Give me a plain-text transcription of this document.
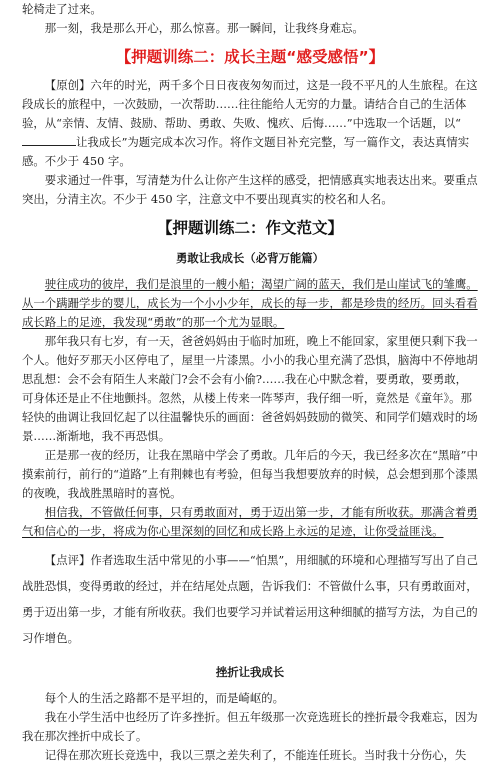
轮椅走了过来。

那一刻，我是那么开心，那么惊喜。那一瞬间，让我终身难忘。

【押题训练二：成长主题“感受感悟”】

【原创】六年的时光，两千多个日日夜夜匆匆而过，这是一段不平凡的人生旅程。在这段成长的旅程中，一次鼓励，一次帮助……往往能给人无穷的力量。请结合自己的生活体验，从“亲情、友情、鼓励、帮助、勇敢、失败、愧疚、后悔……”中选取一个话题，以“让我成长”为题完成本次习作。将作文题目补充完整，写一篇作文，表达真情实感。不少于 450 字。

要求通过一件事，写清楚为什么让你产生这样的感受，把情感真实地表达出来。要重点突出，分清主次。不少于 450 字，注意文中不要出现真实的校名和人名。

【押题训练二：作文范文】

勇敢让我成长（必背万能篇）

驶往成功的彼岸，我们是浪里的一艘小船；渴望广阔的蓝天，我们是山崖试飞的雏鹰。从一个蹒跚学步的婴儿，成长为一个小小少年，成长的每一步，都是珍贵的经历。回头看看成长路上的足迹，我发现“勇敢”的那一个尤为显眼。

那年我只有七岁，有一天，爸爸妈妈由于临时加班，晚上不能回家，家里便只剩下我一个人。他好歹那天小区停电了，屋里一片漆黑。小小的我心里充满了恐惧，脑海中不停地胡思乱想：会不会有陌生人来敲门?会不会有小偷?……我在心中默念着，要勇敢，要勇敢，可身体还是止不住地颤抖。忽然，从楼上传来一阵琴声，我仔细一听，竟然是《童年》。那轻快的曲调让我回忆起了以往温馨快乐的画面：爸爸妈妈鼓励的微笑、和同学们嬉戏时的场景……渐渐地，我不再恐惧。

正是那一夜的经历，让我在黑暗中学会了勇敢。几年后的今天，我已经多次在“黑暗”中摸索前行，前行的“道路”上有荆棘也有考验，但每当我想要放弃的时候，总会想到那个漆黑的夜晚，我战胜黑暗时的喜悦。

相信我，不管做任何事，只有勇敢面对，勇于迈出第一步，才能有所收获。那满含着勇气和信心的一步，将成为你心里深刻的回忆和成长路上永远的足迹，让你受益匪浅。

【点评】作者选取生活中常见的小事——“怕黑”，用细腻的环境和心理描写写出了自己战胜恐惧，变得勇敢的经过，并在结尾处点题，告诉我们：不管做什么事，只有勇敢面对，勇于迈出第一步，才能有所收获。我们也要学习并试着运用这种细腻的描写方法，为自己的习作增色。

挫折让我成长

每个人的生活之路都不是平坦的，而是崎岖的。

我在小学生活中也经历了许多挫折。但五年级那一次竞选班长的挫折最令我难忘，因为我在那次挫折中成长了。

记得在那次班长竞选中，我以三票之差失利了，不能连任班长。当时我十分伤心，失
